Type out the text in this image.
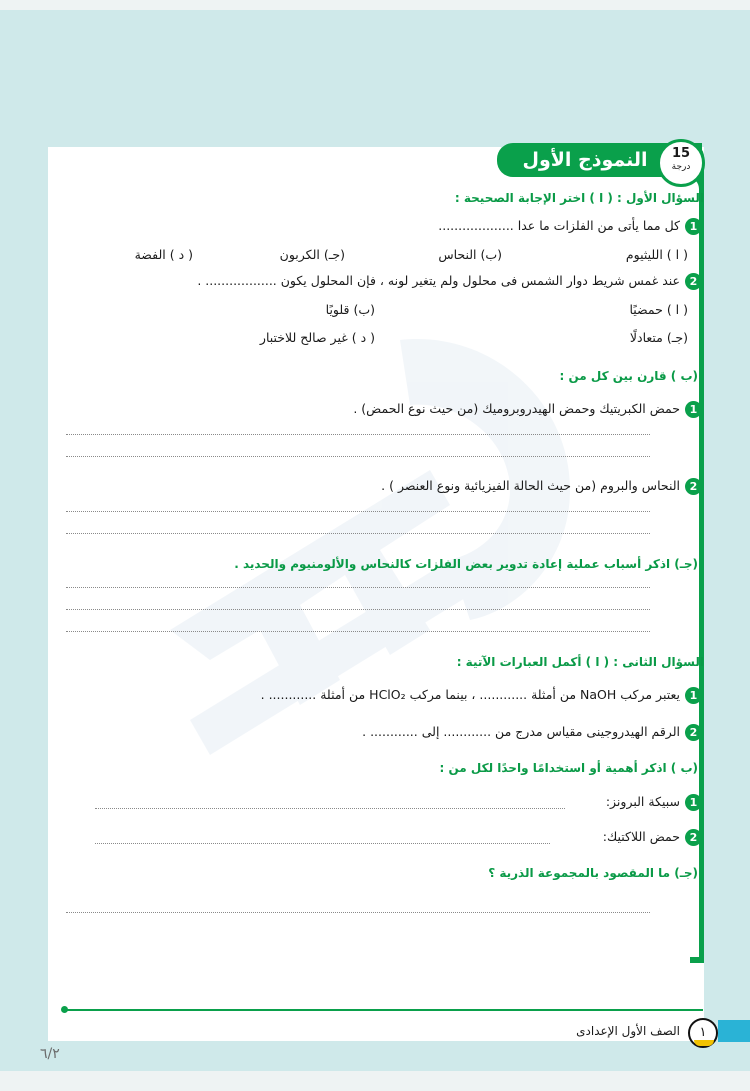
النموذج الأول	15
درجة
السؤال الأول : ( ا ) اختر الإجابة الصحيحة :
1كل مما يأتى من الفلزات ما عدا ...................
( ا ) الليثيوم
(ب) النحاس
(جـ) الكربون
( د ) الفضة
2عند غمس شريط دوار الشمس فى محلول ولم يتغير لونه ، فإن المحلول يكون .................. .
( ا ) حمضيًا
(ب) قلويًا
(جـ) متعادلًا
( د ) غير صالح للاختبار
(ب ) قارن بين كل من :
1حمض الكبريتيك وحمض الهيدروبروميك (من حيث نوع الحمض) .
2النحاس والبروم (من حيث الحالة الفيزيائية ونوع العنصر ) .
(جـ) اذكر أسباب عملية إعادة تدوير بعض الفلزات كالنحاس والألومنيوم والحديد .
السؤال الثانى : ( ا ) أكمل العبارات الآتية :
1يعتبر مركب NaOH من أمثلة ............ ، بينما مركب HClO₂ من أمثلة ............ .
2الرقم الهيدروجينى مقياس مدرج من ............ إلى ............ .
(ب ) اذكر أهمية أو استخدامًا واحدًا لكل من :
1سبيكة البرونز:
2حمض اللاكتيك:
(جـ) ما المقصود بالمجموعة الذرية ؟
١
الصف الأول الإعدادى
٦/٢
